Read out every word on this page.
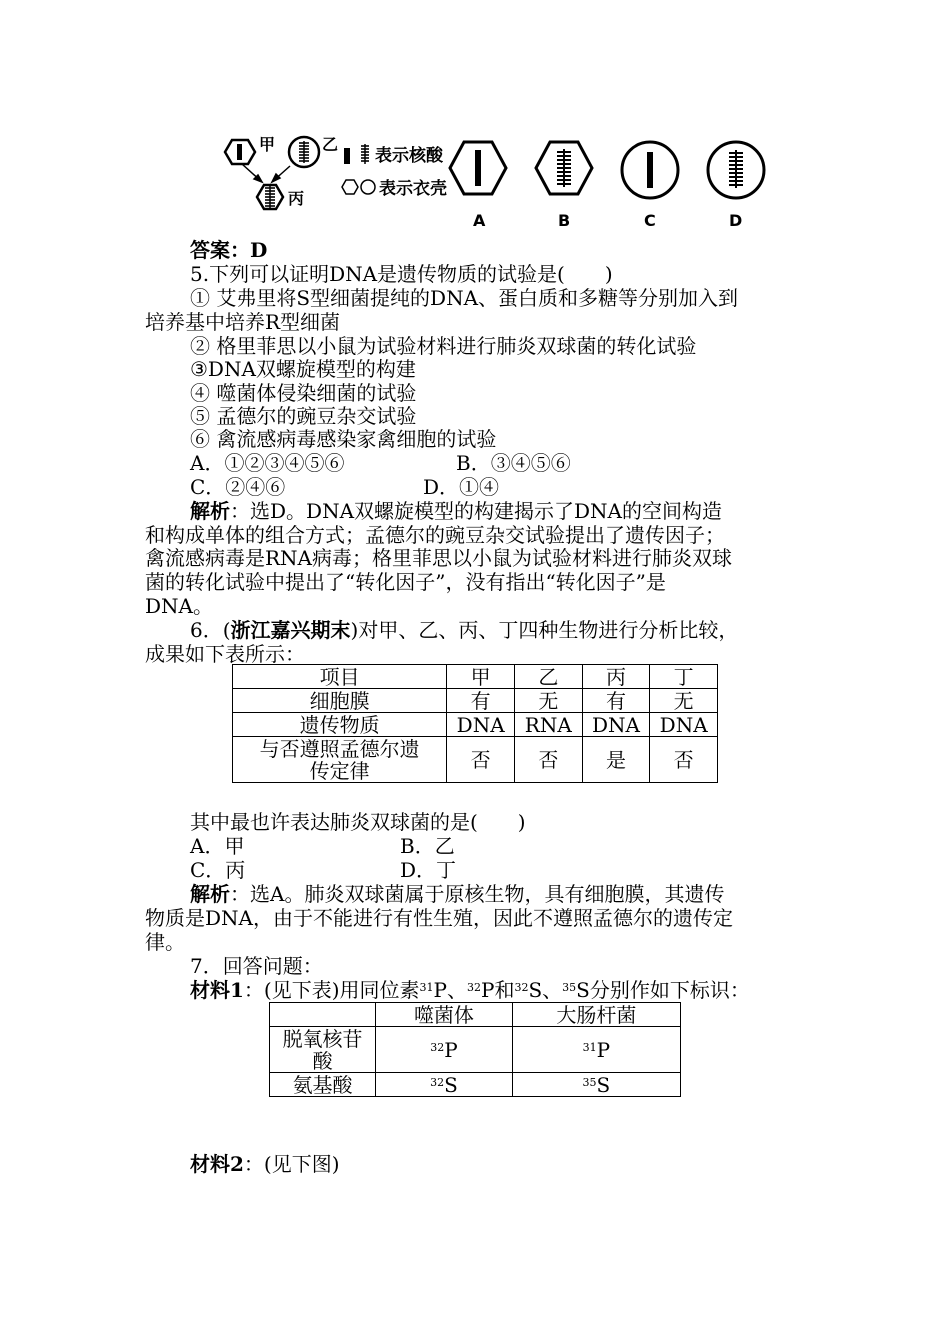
甲	乙
丙
表示核酸
表示衣壳
A	B	C	D
答案：D
5.下列可以证明DNA是遗传物质的试验是(　　)
① 艾弗里将S型细菌提纯的DNA、蛋白质和多糖等分别加入到
培养基中培养R型细菌
② 格里菲思以小鼠为试验材料进行肺炎双球菌的转化试验
③DNA双螺旋模型的构建
④ 噬菌体侵染细菌的试验
⑤ 孟德尔的豌豆杂交试验
⑥ 禽流感病毒感染家禽细胞的试验
A．①②③④⑤⑥	B．③④⑤⑥
C．②④⑥	D．①④
解析：选D。DNA双螺旋模型的构建揭示了DNA的空间构造
和构成单体的组合方式；孟德尔的豌豆杂交试验提出了遗传因子；
禽流感病毒是RNA病毒；格里菲思以小鼠为试验材料进行肺炎双球
菌的转化试验中提出了“转化因子”，没有指出“转化因子”是
DNA。
6．(浙江嘉兴期末)对甲、乙、丙、丁四种生物进行分析比较，
成果如下表所示：
项目	甲	乙	丙	丁
细胞膜	有	无	有	无
遗传物质	DNA	RNA	DNA	DNA
与否遵照孟德尔遗传定律	否	否	是	否
其中最也许表达肺炎双球菌的是(　　)
A．甲	B．乙
C．丙	D．丁
解析：选A。肺炎双球菌属于原核生物，具有细胞膜，其遗传
物质是DNA，由于不能进行有性生殖，因此不遵照孟德尔的遗传定
律。
7．回答问题：
材料1：(见下表)用同位素$^{31}$P、$^{32}$P和$^{32}$S、$^{35}$S分别作如下标识：
	噬菌体	大肠杆菌
脱氧核苷酸	$^{32}$P	$^{31}$P
氨基酸	$^{32}$S	$^{35}$S
材料2：(见下图)
